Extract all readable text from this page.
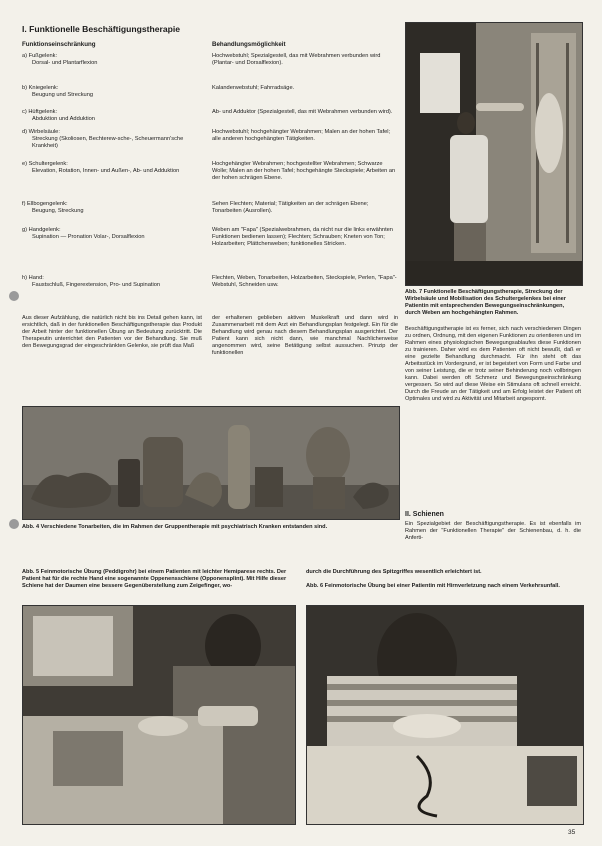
I. Funktionelle Beschäftigungstherapie
Funktionseinschränkung	Behandlungsmöglichkeit
a) Fußgelenk:
Dorsal- und Plantarflexion
Hochwebstuhl; Spezialgestell, das mit Webrahmen verbunden wird (Plantar- und Dorsalflexion).
b) Kniegelenk:
Beugung und Streckung
Kalanderwebstuhl; Fahrradsäge.
c) Hüftgelenk:
Abduktion und Adduktion
Ab- und Adduktor (Spezialgestell, das mit Webrahmen verbunden wird).
d) Wirbelsäule:
Streckung (Skoliosen, Bechterew-sche-, Scheuermann'sche Krankheit)
Hochwebstuhl; hochgehängter Webrahmen; Malen an der hohen Tafel; alle anderen hochgehängten Tätigkeiten.
e) Schultergelenk:
Elevation, Rotation, Innen- und Außen-, Ab- und Adduktion
Hochgehängter Webrahmen; hochgestellter Webrahmen; Schwarze Wolle; Malen an der hohen Tafel; hochgehängte Steckspiele; Arbeiten an der hohen schrägen Ebene.
f) Ellbogengelenk:
Beugung, Streckung
Sehen Flechten; Material; Tätigkeiten an der schrägen Ebene; Tonarbeiten (Ausrollen).
g) Handgelenk:
Supination — Pronation Volar-, Dorsalflexion
Weben am "Fapa" (Spezialwebrahmen, da nicht nur die links erwähnten Funktionen bedienen lassen); Flechten; Schrauben; Kneten von Ton; Holzarbeiten; Plättchenweben; funktionelles Stricken.
h) Hand:
Faustschluß, Fingerextension, Pro- und Supination
Flechten, Weben, Tonarbeiten, Holzarbeiten, Steckspiele, Perlen, "Fapa"-Webstuhl, Schneiden usw.
Aus dieser Aufzählung, die natürlich nicht bis ins Detail gehen kann, ist ersichtlich, daß in der funktionellen Beschäftigungstherapie das Produkt der Arbeit hinter der funktionellen Übung an Bedeutung zurücktritt. Die Therapeutin unterrichtet den Patienten vor der Behandlung. Sie muß den Bewegungsgrad der eingeschränkten Gelenke, sie prüft das Maß
der erhaltenen geblieben aktiven Muskelkraft und dann wird in Zusammenarbeit mit dem Arzt ein Behandlungsplan festgelegt. Ein für die Behandlung wird genau nach diesem Behandlungsplan ausgerichtet. Der Patient kann sich nicht dann, wie manchmal Nachlicherweise angenommen wird, seine Betätigung selbst aussuchen. Prinzip der funktionellen
Abb. 7 Funktionelle Beschäftigungstherapie, Streckung der Wirbelsäule und Mobilisation des Schultergelenkes bei einer Patientin mit entsprechenden Bewegungseinschränkungen, durch Weben am hochgehängten Rahmen.
Beschäftigungstherapie ist es ferner, sich nach verschiedenen Dingen zu ordnen, Ordnung, mit den eigenen Funktionen zu orientieren und im Rahmen eines physiologischen Bewegungsablaufes diese Funktionen zu trainieren. Daher wird es dem Patienten oft nicht bewußt, daß er eine gezielte Behandlung durchmacht. Für ihn steht oft das Arbeitsstück im Vordergrund, er ist begeistert von Form und Farbe und von seiner Leistung, die er trotz seiner Behinderung noch vollbringen kann. Dabei werden oft Schmerz und Bewegungseinschränkung vergessen. So wird auf diese Weise ein Stimulans oft schnell erreicht. Durch die Freude an der Tätigkeit und am Erfolg leistet der Patient oft Optimales und wird zu Aktivität und Mitarbeit angespornt.
II. Schienen
Ein Spezialgebiet der Beschäftigungstherapie. Es ist ebenfalls im Rahmen der "Funktionellen Therapie" der Schienenbau, d. h. die Anferti-
Abb. 4 Verschiedene Tonarbeiten, die im Rahmen der Gruppentherapie mit psychiatrisch Kranken entstanden sind.
Abb. 5 Feinmotorische Übung (Peddigrohr) bei einem Patienten mit leichter Hemiparese rechts. Der Patient hat für die rechte Hand eine sogenannte Oppenensschiene (Opponensplint). Mit Hilfe dieser Schiene hat der Daumen eine bessere Gegenüberstellung zum Zeigefinger, wo-
durch die Durchführung des Spitzgriffes wesentlich erleichtert ist.
Abb. 6 Feinmotorische Übung bei einer Patientin mit Hirnverletzung nach einem Verkehrsunfall.
35
